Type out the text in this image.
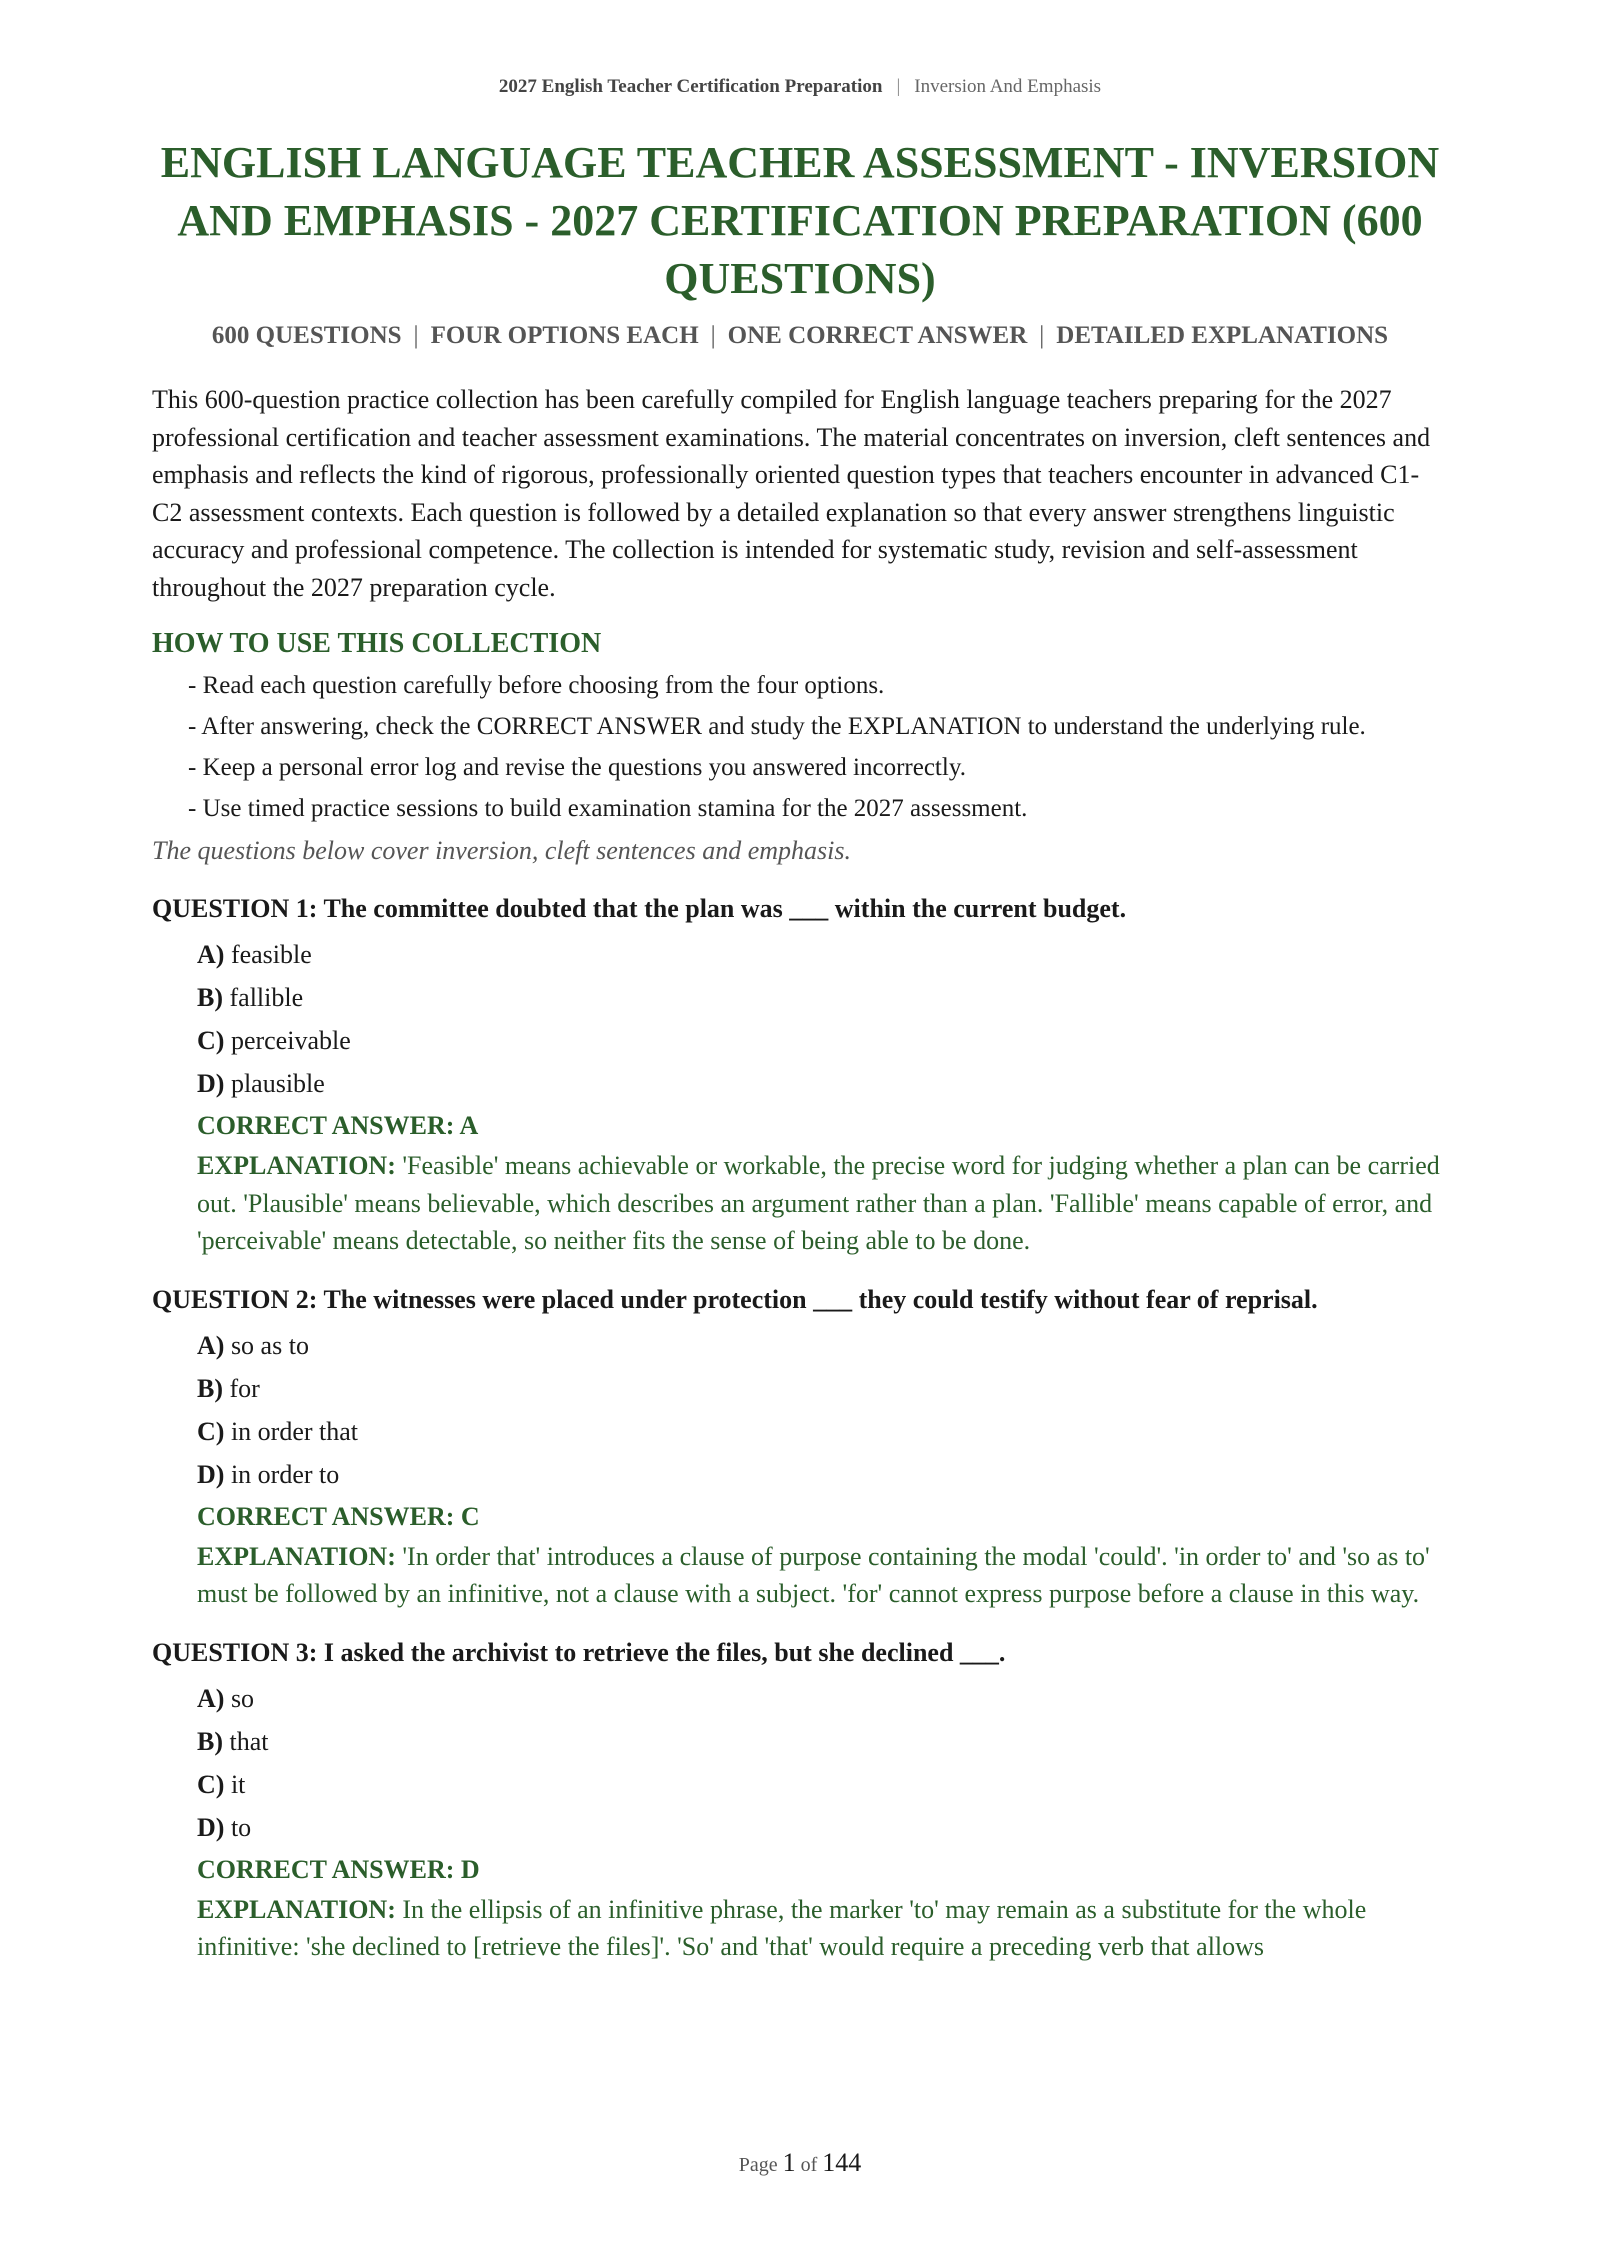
2027 English Teacher Certification Preparation | Inversion And Emphasis
ENGLISH LANGUAGE TEACHER ASSESSMENT - INVERSION AND EMPHASIS - 2027 CERTIFICATION PREPARATION (600 QUESTIONS)
600 QUESTIONS | FOUR OPTIONS EACH | ONE CORRECT ANSWER | DETAILED EXPLANATIONS

This 600-question practice collection has been carefully compiled for English language teachers preparing for the 2027 professional certification and teacher assessment examinations. The material concentrates on inversion, cleft sentences and emphasis and reflects the kind of rigorous, professionally oriented question types that teachers encounter in advanced C1-C2 assessment contexts. Each question is followed by a detailed explanation so that every answer strengthens linguistic accuracy and professional competence. The collection is intended for systematic study, revision and self-assessment throughout the 2027 preparation cycle.

HOW TO USE THIS COLLECTION
- Read each question carefully before choosing from the four options.
- After answering, check the CORRECT ANSWER and study the EXPLANATION to understand the underlying rule.
- Keep a personal error log and revise the questions you answered incorrectly.
- Use timed practice sessions to build examination stamina for the 2027 assessment.

The questions below cover inversion, cleft sentences and emphasis.

QUESTION 1: The committee doubted that the plan was ___ within the current budget.

A) feasible
B) fallible
C) perceivable
D) plausible
CORRECT ANSWER: A

EXPLANATION: 'Feasible' means achievable or workable, the precise word for judging whether a plan can be carried out. 'Plausible' means believable, which describes an argument rather than a plan. 'Fallible' means capable of error, and 'perceivable' means detectable, so neither fits the sense of being able to be done.

QUESTION 2: The witnesses were placed under protection ___ they could testify without fear of reprisal.

A) so as to
B) for
C) in order that
D) in order to
CORRECT ANSWER: C

EXPLANATION: 'In order that' introduces a clause of purpose containing the modal 'could'. 'in order to' and 'so as to' must be followed by an infinitive, not a clause with a subject. 'for' cannot express purpose before a clause in this way.

QUESTION 3: I asked the archivist to retrieve the files, but she declined ___.

A) so
B) that
C) it
D) to
CORRECT ANSWER: D

EXPLANATION: In the ellipsis of an infinitive phrase, the marker 'to' may remain as a substitute for the whole infinitive: 'she declined to [retrieve the files]'. 'So' and 'that' would require a preceding verb that allows

Page 1 of 144
